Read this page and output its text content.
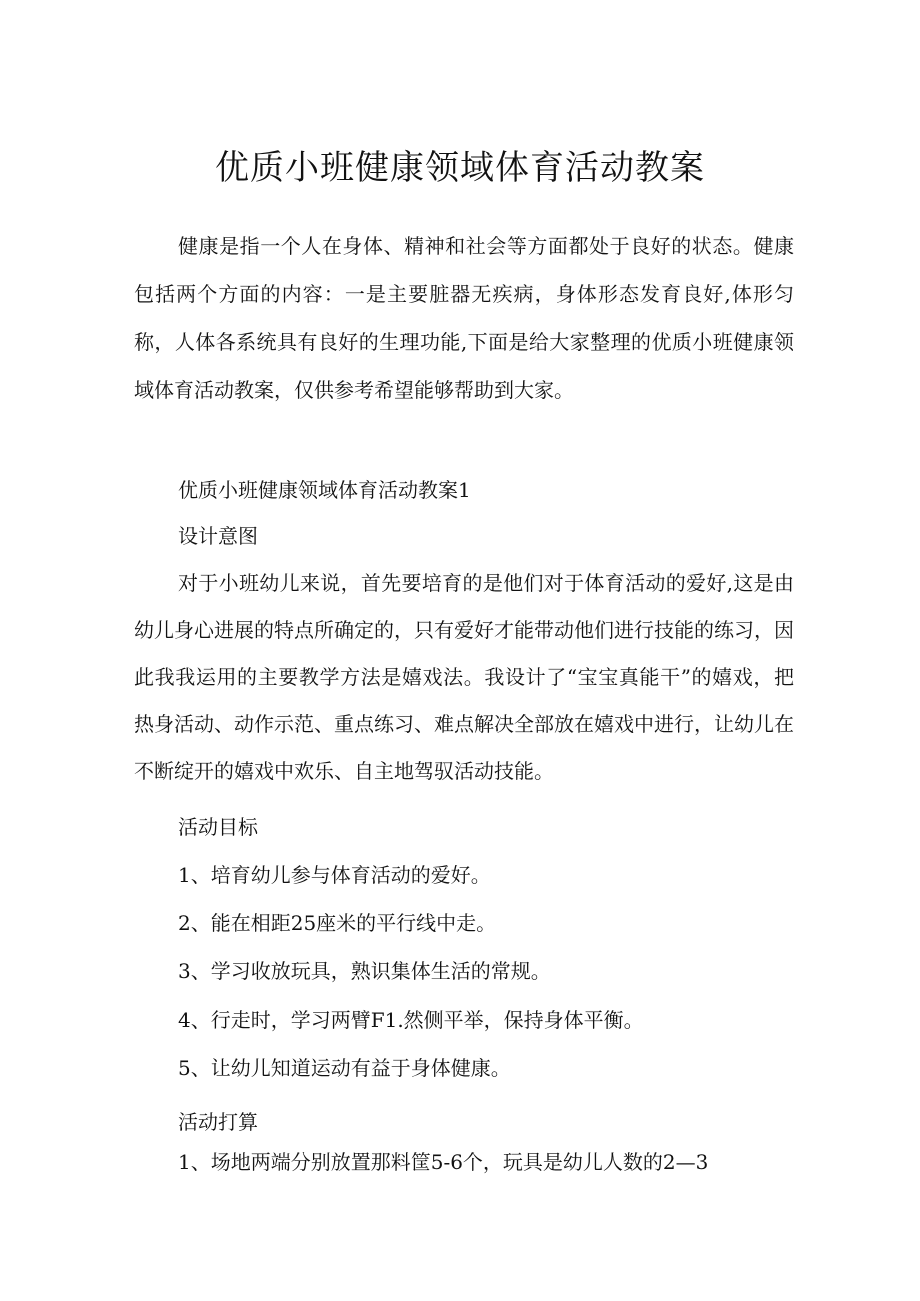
优质小班健康领域体育活动教案

健康是指一个人在身体、精神和社会等方面都处于良好的状态。健康包括两个方面的内容：一是主要脏器无疾病，身体形态发育良好,体形匀称，人体各系统具有良好的生理功能,下面是给大家整理的优质小班健康领域体育活动教案，仅供参考希望能够帮助到大家。

优质小班健康领域体育活动教案1

设计意图

对于小班幼儿来说，首先要培育的是他们对于体育活动的爱好,这是由幼儿身心进展的特点所确定的，只有爱好才能带动他们进行技能的练习，因此我我运用的主要教学方法是嬉戏法。我设计了“宝宝真能干”的嬉戏，把热身活动、动作示范、重点练习、难点解决全部放在嬉戏中进行，让幼儿在不断绽开的嬉戏中欢乐、自主地驾驭活动技能。

活动目标

1、培育幼儿参与体育活动的爱好。

2、能在相距25座米的平行线中走。

3、学习收放玩具，熟识集体生活的常规。

4、行走时，学习两臂F1.然侧平举，保持身体平衡。

5、让幼儿知道运动有益于身体健康。

活动打算

1、场地两端分别放置那料筐5-6个，玩具是幼儿人数的2—3
